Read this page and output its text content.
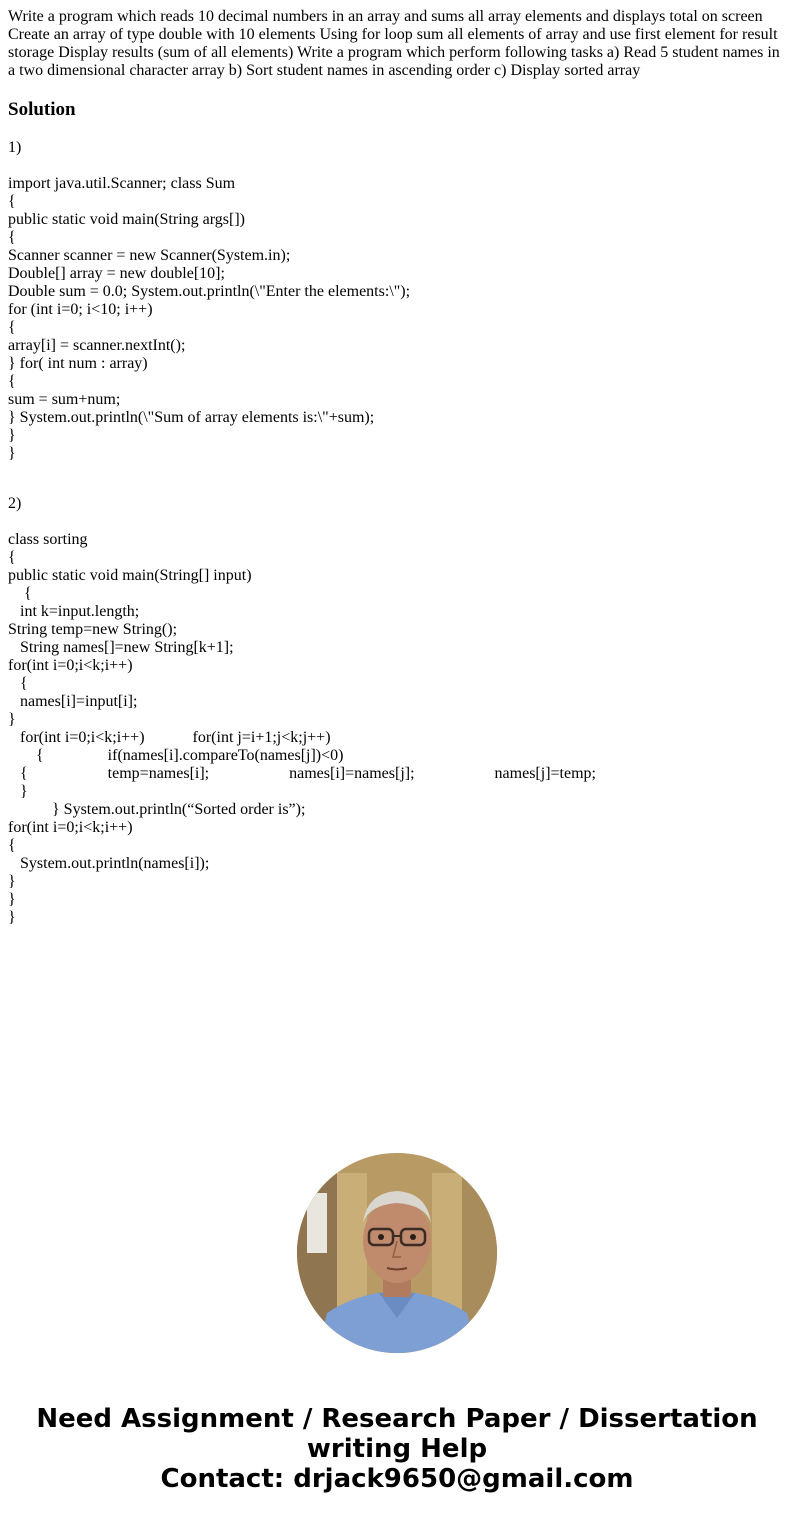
Write a program which reads 10 decimal numbers in an array and sums all array elements and displays total on screen Create an array of type double with 10 elements Using for loop sum all elements of array and use first element for result storage Display results (sum of all elements) Write a program which perform following tasks a) Read 5 student names in a two dimensional character array b) Sort student names in ascending order c) Display sorted array

Solution
1)
import java.util.Scanner; class Sum
{
public static void main(String args[])
{
Scanner scanner = new Scanner(System.in);
Double[] array = new double[10];
Double sum = 0.0; System.out.println(\"Enter the elements:\");
for (int i=0; i<10; i++)
{
array[i] = scanner.nextInt();
} for( int num : array)
{
sum = sum+num;
} System.out.println(\"Sum of array elements is:\"+sum);
}
}
2)
class sorting
{
public static void main(String[] input)
{
int k=input.length;
String temp=new String();
String names[]=new String[k+1];
for(int i=0;i<k;i++)
{
names[i]=input[i];
}
for(int i=0;i<k;i++)            for(int j=i+1;j<k;j++)
{                if(names[i].compareTo(names[j])<0)
{                    temp=names[i];                    names[i]=names[j];                    names[j]=temp;
}
} System.out.println(“Sorted order is”);
for(int i=0;i<k;i++)
{
System.out.println(names[i]);
}
}
}
Need Assignment / Research Paper / Dissertation
writing Help
Contact: drjack9650@gmail.com
